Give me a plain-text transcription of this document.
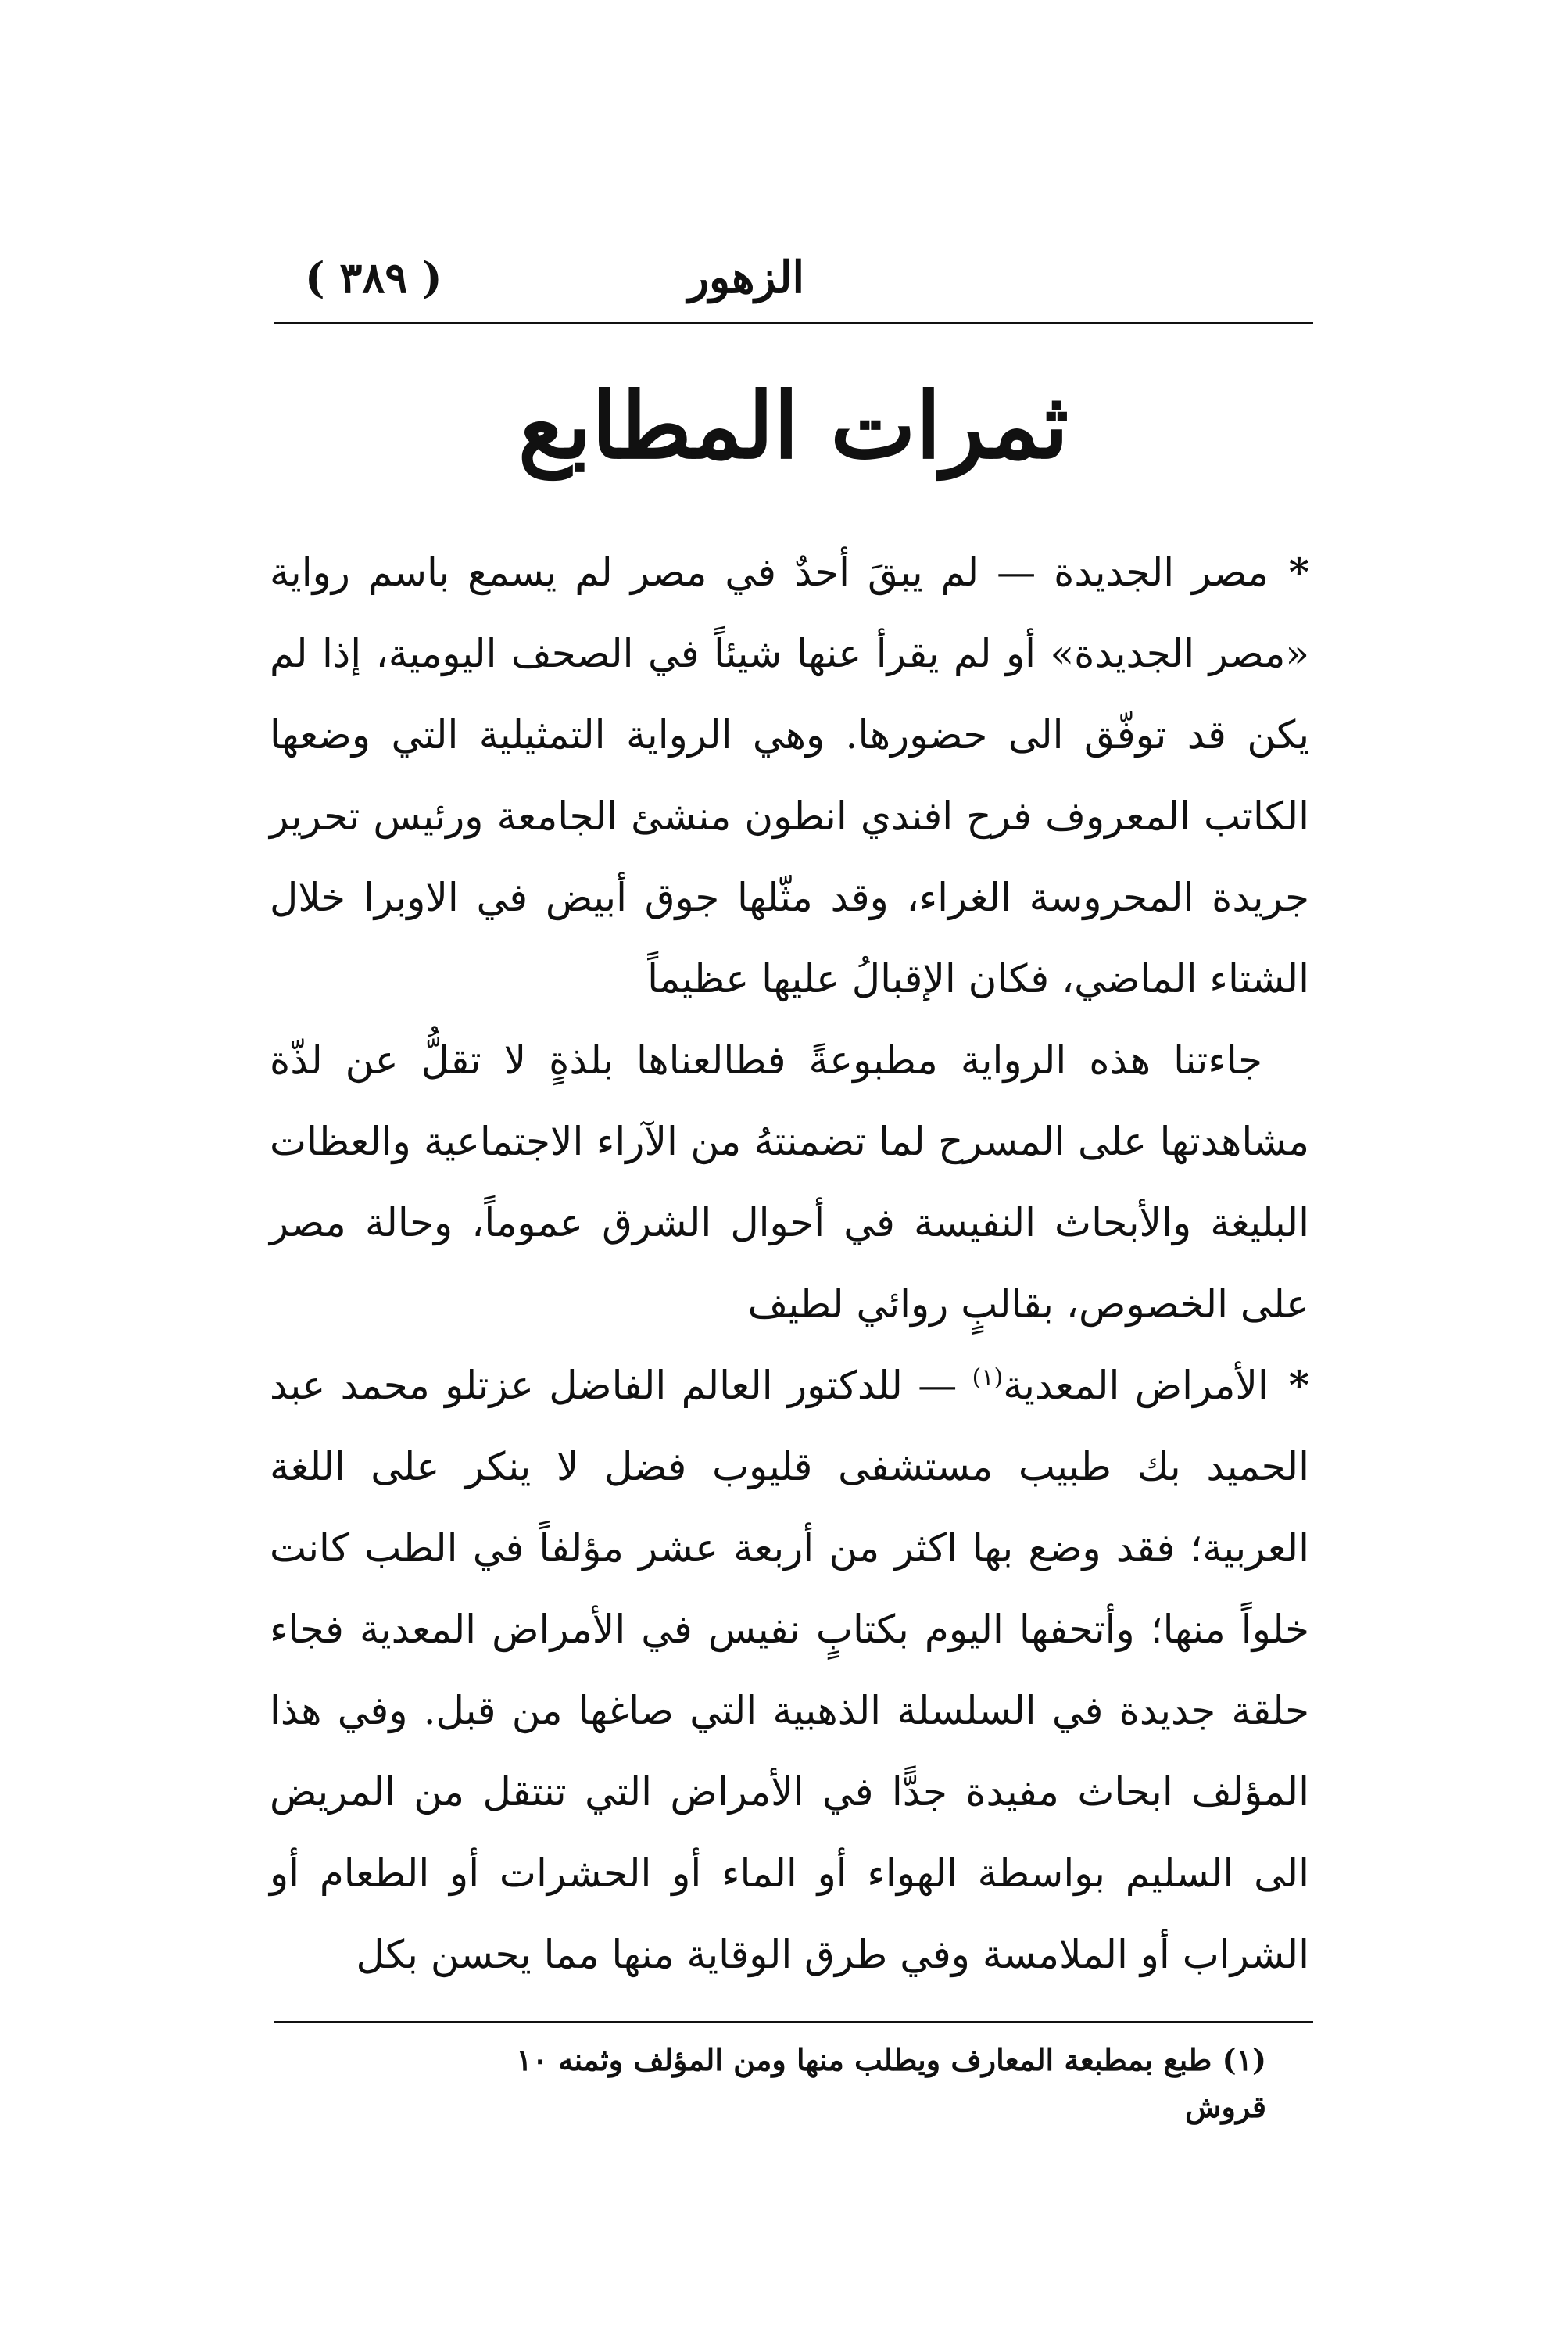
( ٣٨٩ )	الزهور
ثمرات المطابع

*مصر الجديدة — لم يبقَ أحدٌ في مصر لم يسمع باسم رواية «مصر الجديدة» أو لم يقرأ عنها شيئاً في الصحف اليومية، إذا لم يكن قد توفّق الى حضورها. وهي الرواية التمثيلية التي وضعها الكاتب المعروف فرح افندي انطون منشئ الجامعة ورئيس تحرير جريدة المحروسة الغراء، وقد مثّلها جوق أبيض في الاوبرا خلال الشتاء الماضي، فكان الإقبالُ عليها عظيماً

جاءتنا هذه الرواية مطبوعةً فطالعناها بلذةٍ لا تقلُّ عن لذّة مشاهدتها على المسرح لما تضمنتهُ من الآراء الاجتماعية والعظات البليغة والأبحاث النفيسة في أحوال الشرق عموماً، وحالة مصر على الخصوص، بقالبٍ روائي لطيف

*الأمراض المعدية$^{(١)}$ — للدكتور العالم الفاضل عزتلو محمد عبد الحميد بك طبيب مستشفى قليوب فضل لا ينكر على اللغة العربية؛ فقد وضع بها اكثر من أربعة عشر مؤلفاً في الطب كانت خلواً منها؛ وأتحفها اليوم بكتابٍ نفيس في الأمراض المعدية فجاء حلقة جديدة في السلسلة الذهبية التي صاغها من قبل. وفي هذا المؤلف ابحاث مفيدة جدًّا في الأمراض التي تنتقل من المريض الى السليم بواسطة الهواء أو الماء أو الحشرات أو الطعام أو الشراب أو الملامسة وفي طرق الوقاية منها مما يحسن بكل

(١) طبع بمطبعة المعارف ويطلب منها ومن المؤلف وثمنه ١٠ قروش
